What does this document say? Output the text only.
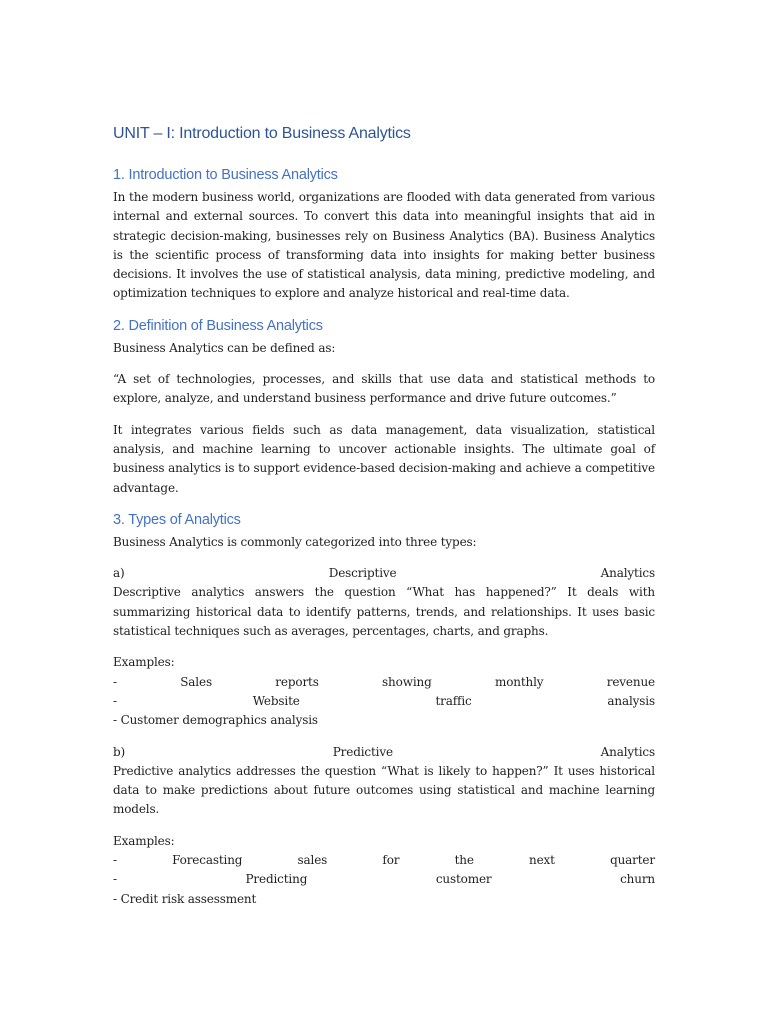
UNIT – I: Introduction to Business Analytics
1. Introduction to Business Analytics
In the modern business world, organizations are flooded with data generated from various internal and external sources. To convert this data into meaningful insights that aid in strategic decision-making, businesses rely on Business Analytics (BA). Business Analytics is the scientific process of transforming data into insights for making better business decisions. It involves the use of statistical analysis, data mining, predictive modeling, and optimization techniques to explore and analyze historical and real-time data.
2. Definition of Business Analytics
Business Analytics can be defined as:
“A set of technologies, processes, and skills that use data and statistical methods to explore, analyze, and understand business performance and drive future outcomes.”
It integrates various fields such as data management, data visualization, statistical analysis, and machine learning to uncover actionable insights. The ultimate goal of business analytics is to support evidence-based decision-making and achieve a competitive advantage.
3. Types of Analytics
Business Analytics is commonly categorized into three types:
a)	Descriptive	Analytics
Descriptive analytics answers the question “What has happened?” It deals with summarizing historical data to identify patterns, trends, and relationships. It uses basic statistical techniques such as averages, percentages, charts, and graphs.
Examples:
-	Sales	reports	showing	monthly	revenue
-	Website	traffic	analysis
- Customer demographics analysis
b)	Predictive	Analytics
Predictive analytics addresses the question “What is likely to happen?” It uses historical data to make predictions about future outcomes using statistical and machine learning models.
Examples:
-	Forecasting	sales	for	the	next	quarter
-	Predicting	customer	churn
- Credit risk assessment
